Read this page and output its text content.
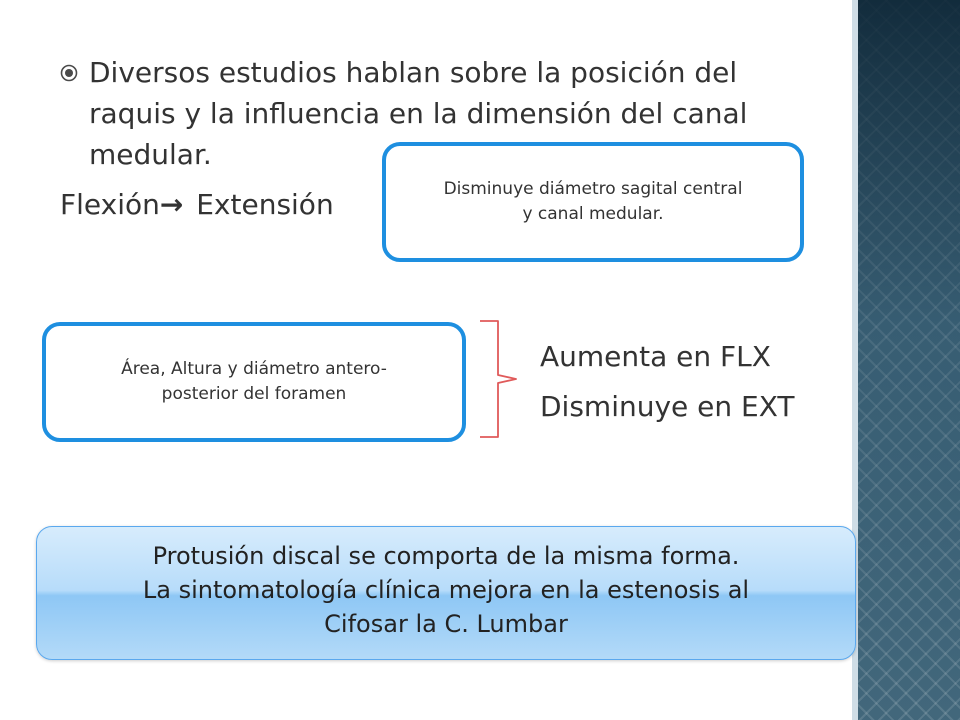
Diversos estudios hablan sobre la posición del raquis y la influencia en la dimensión del canal medular.
Flexión→ Extensión	Disminuye diámetro sagital central
y canal medular.
Área, Altura y diámetro antero-
posterior del foramen
Aumenta en FLX
Disminuye en EXT
Protusión discal se comporta de la misma forma.
La sintomatología clínica mejora en la estenosis al
Cifosar la C. Lumbar
